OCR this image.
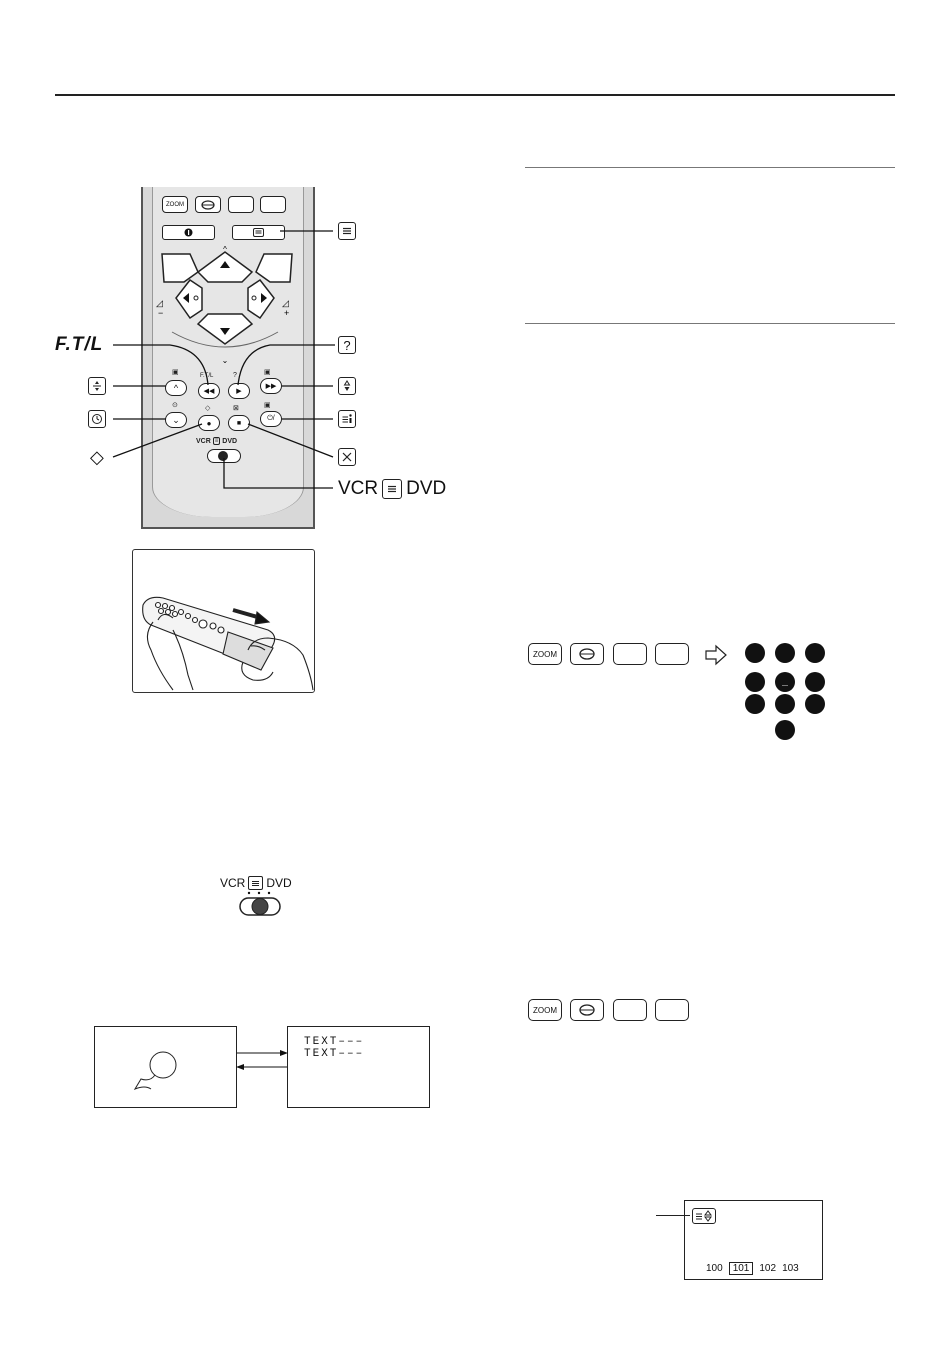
ZOOM
^
◿
−
◿
+
⌄
▣	F.T/L	?	▣
^	◀◀	▶
▶▶
⊙	◇	⊠	▣
⌄	●	■
⏻/
VCR ≡ DVD
F.T/L
◇
?
VCR DVD
VCR DVD
TEXT–––
TEXT–––
ZOOM
ZOOM
100	101	102 103
